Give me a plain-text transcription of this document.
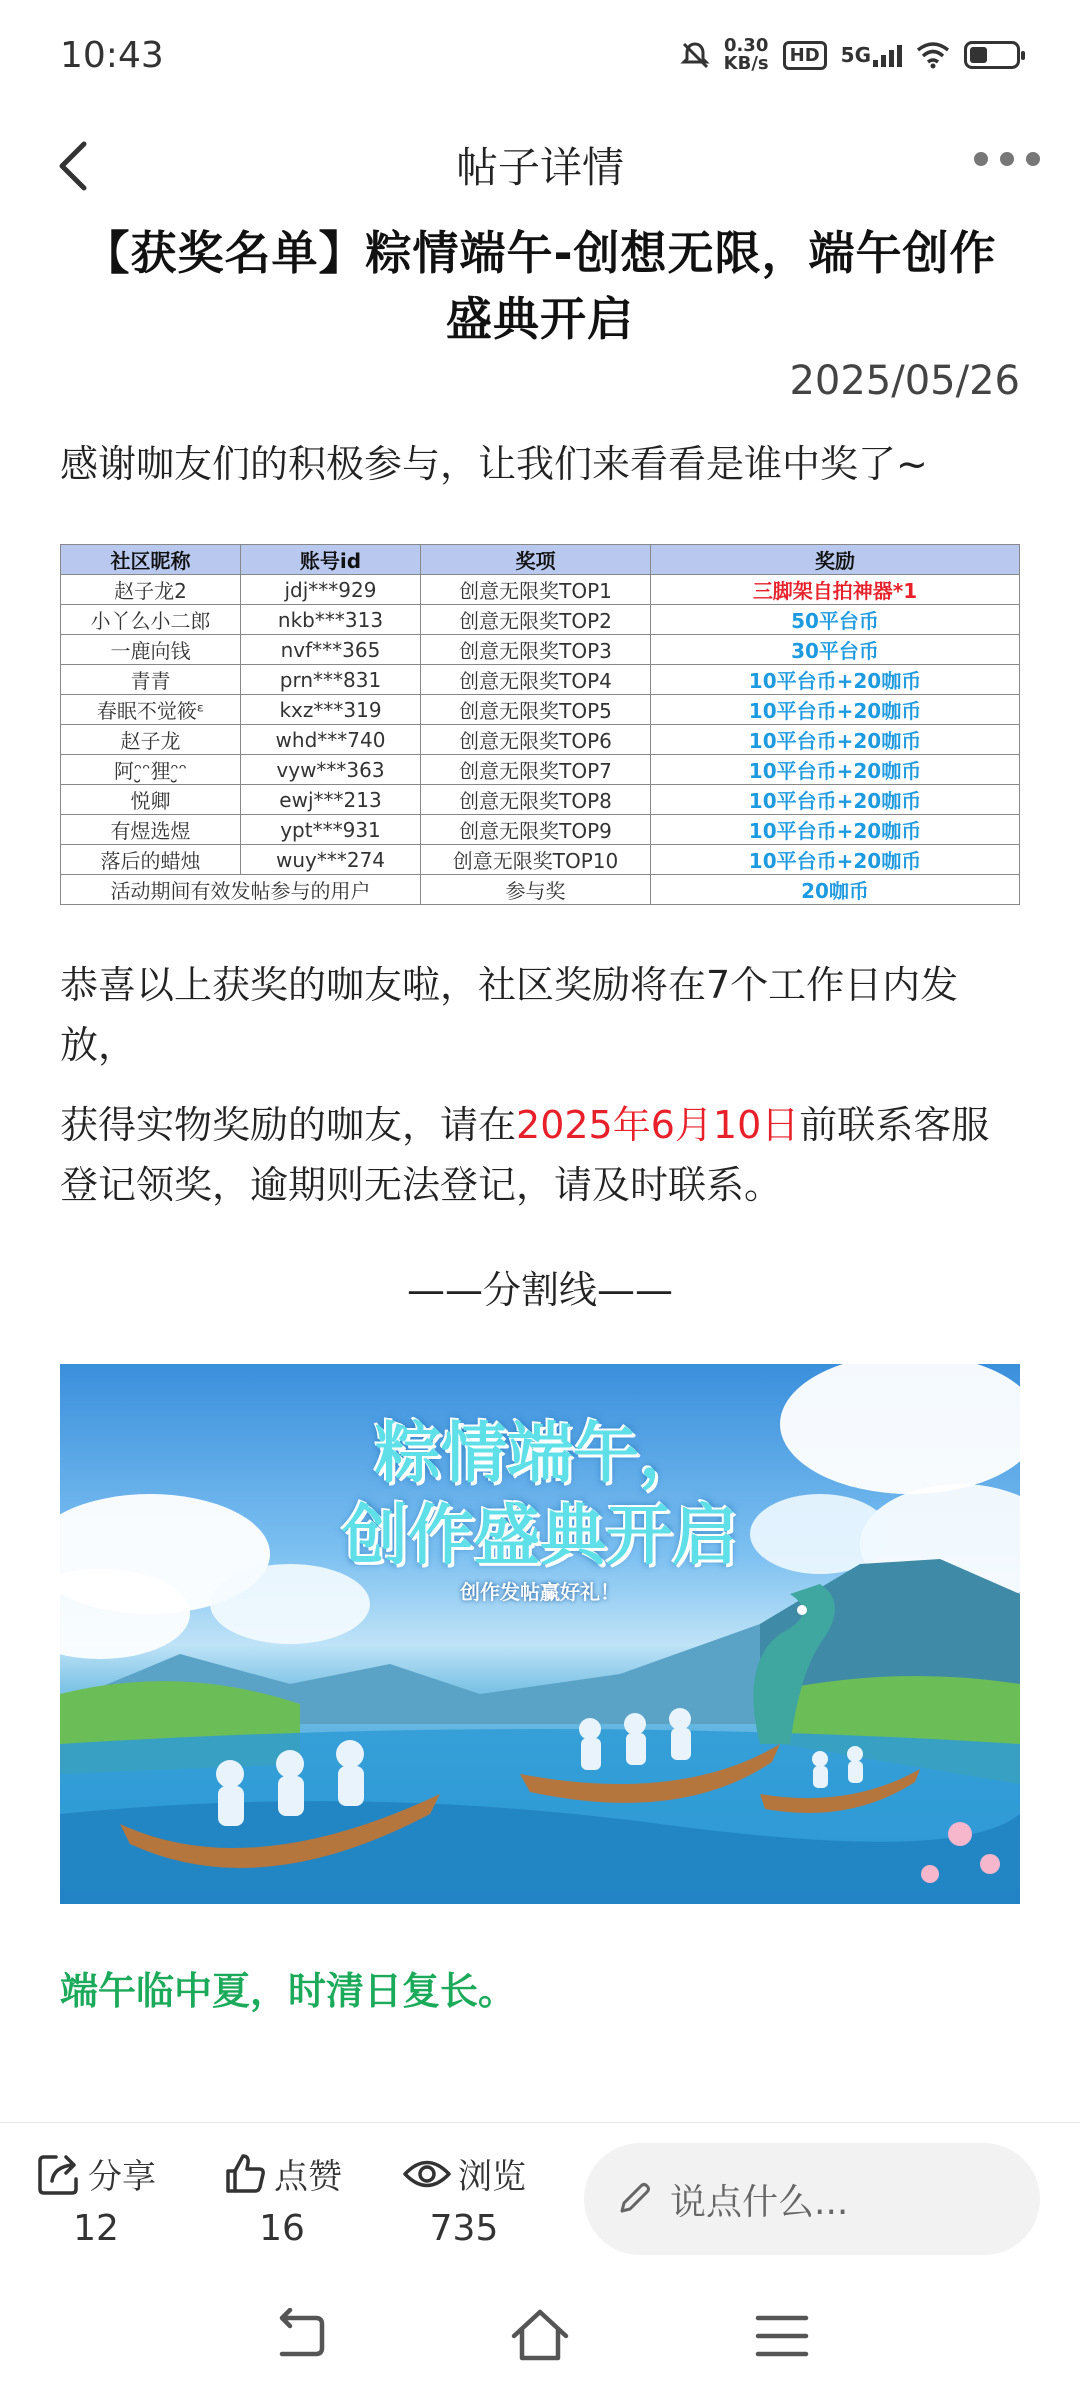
10:43	0.30
KB/s	HD	5G
帖子详情
【获奖名单】粽情端午-创想无限，端午创作盛典开启
2025/05/26
感谢咖友们的积极参与，让我们来看看是谁中奖了~
社区昵称	账号id	奖项	奖励
赵子龙2	jdj***929	创意无限奖TOP1	三脚架自拍神器*1
小丫么小二郎	nkb***313	创意无限奖TOP2	50平台币
一鹿向钱	nvf***365	创意无限奖TOP3	30平台币
青青	prn***831	创意无限奖TOP4	10平台币+20咖币
春眠不觉筱ᵋ	kxz***319	创意无限奖TOP5	10平台币+20咖币
赵子龙	whd***740	创意无限奖TOP6	10平台币+20咖币
阿ᵔ̮ᵔ狸ᵔ̮ᵔ	vyw***363	创意无限奖TOP7	10平台币+20咖币
悦卿	ewj***213	创意无限奖TOP8	10平台币+20咖币
有煜选煜	ypt***931	创意无限奖TOP9	10平台币+20咖币
落后的蜡烛	wuy***274	创意无限奖TOP10	10平台币+20咖币
活动期间有效发帖参与的用户		参与奖	20咖币
恭喜以上获奖的咖友啦，社区奖励将在7个工作日内发放，
获得实物奖励的咖友，请在2025年6月10日前联系客服登记领奖，逾期则无法登记，请及时联系。
——分割线——
粽情端午，
创作盛典开启
创作发帖赢好礼！
端午临中夏，时清日复长。
分享
12
点赞
16
浏览
735
说点什么...
